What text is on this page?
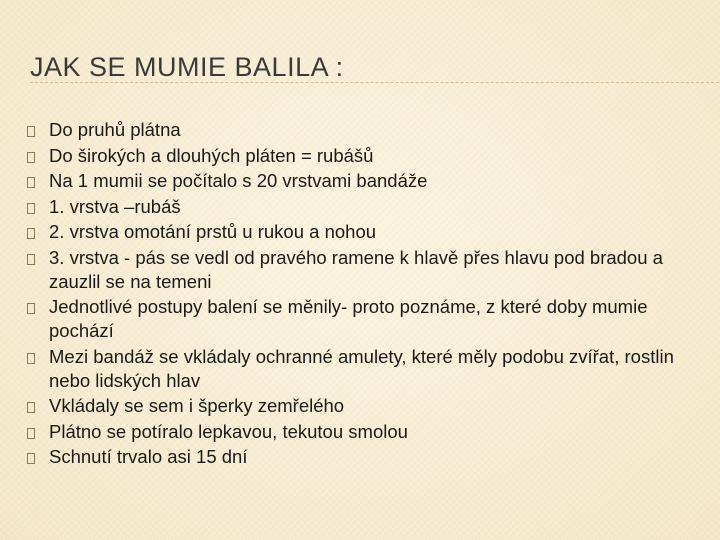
JAK SE MUMIE BALILA :
Do pruhů plátna
Do širokých a dlouhých pláten = rubášů
Na 1 mumii se počítalo s 20 vrstvami bandáže
1. vrstva –rubáš
2. vrstva omotání prstů u rukou a nohou
3. vrstva - pás se vedl od pravého ramene k hlavě přes hlavu pod bradou a zauzlil se na temeni
Jednotlivé postupy balení se měnily- proto poznáme, z které doby mumie pochází
Mezi bandáž se vkládaly ochranné amulety, které měly podobu zvířat, rostlin nebo lidských hlav
Vkládaly se sem i šperky zemřelého
Plátno se potíralo lepkavou, tekutou smolou
Schnutí trvalo asi 15 dní
